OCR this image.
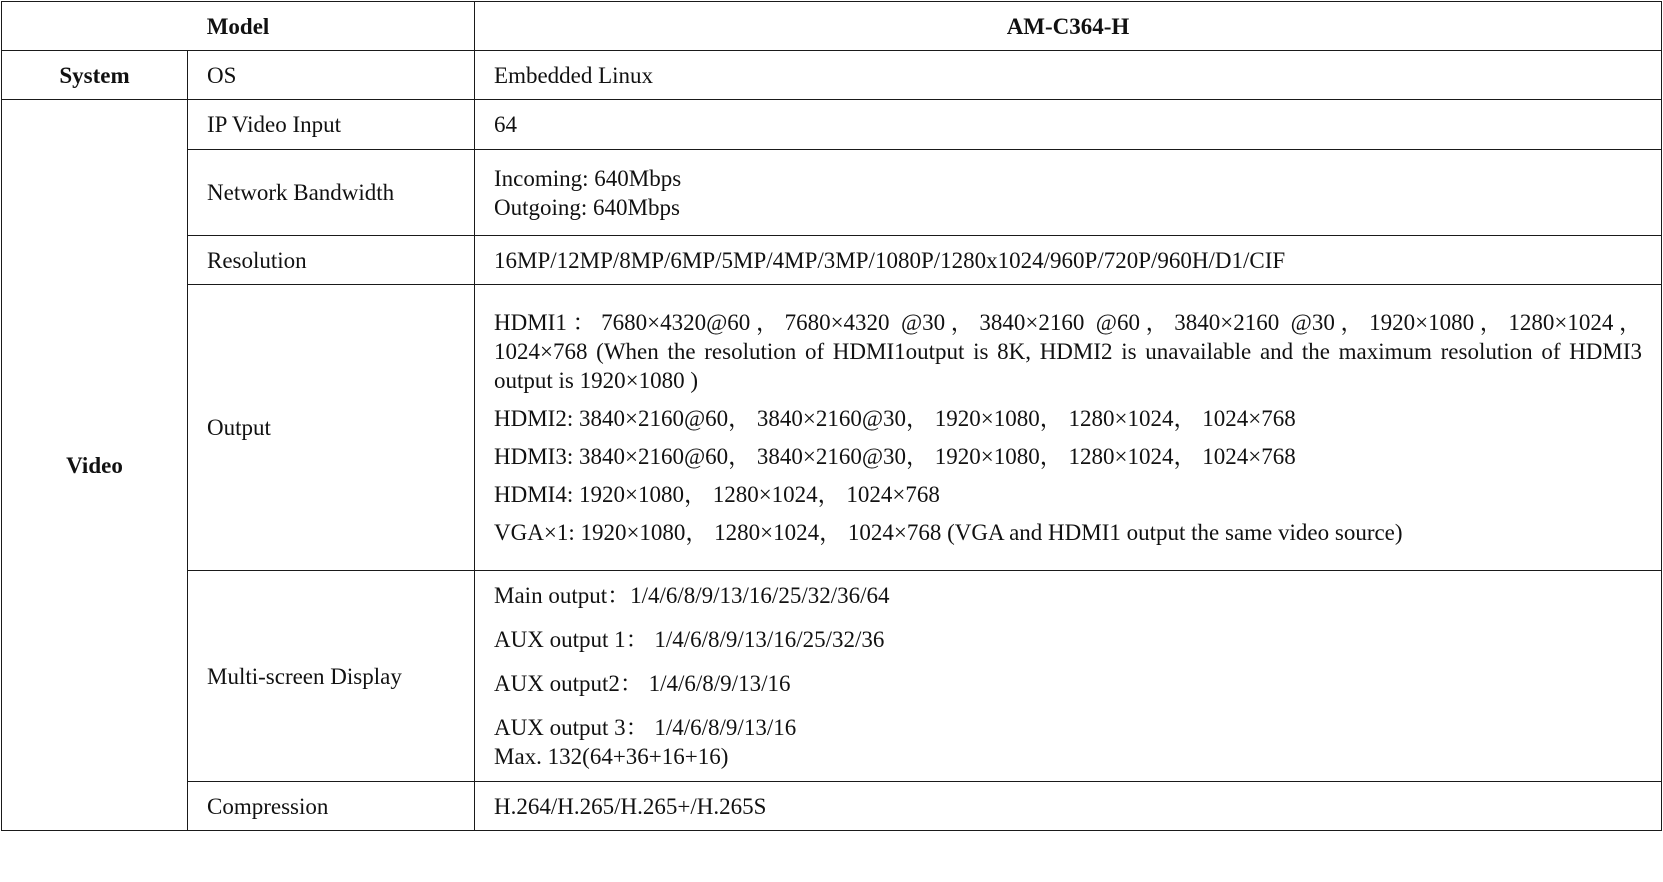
Model		AM-C364-H
System	OS	Embedded Linux
Video	IP Video Input	64
	Network Bandwidth	Incoming: 640Mbps
Outgoing: 640Mbps

	Resolution	16MP/12MP/8MP/6MP/5MP/4MP/3MP/1080P/1280x1024/960P/720P/960H/D1/CIF
	Output	HDMI1：7680×4320@60，7680×4320 @30，3840×2160 @60，3840×2160 @30，1920×1080，1280×1024，1024×768 (When the resolution of HDMI1output is 8K, HDMI2 is unavailable and the maximum resolution of HDMI3 output is 1920×1080 )

HDMI2: 3840×2160@60， 3840×2160@30， 1920×1080， 1280×1024， 1024×768

HDMI3: 3840×2160@60， 3840×2160@30， 1920×1080， 1280×1024， 1024×768

HDMI4: 1920×1080， 1280×1024， 1024×768

VGA×1: 1920×1080， 1280×1024， 1024×768 (VGA and HDMI1 output the same video source)

	Multi-screen Display	Main output：1/4/6/8/9/13/16/25/32/36/64

AUX output 1： 1/4/6/8/9/13/16/25/32/36

AUX output2： 1/4/6/8/9/13/16

AUX output 3： 1/4/6/8/9/13/16

Max. 132(64+36+16+16)

	Compression	H.264/H.265/H.265+/H.265S
